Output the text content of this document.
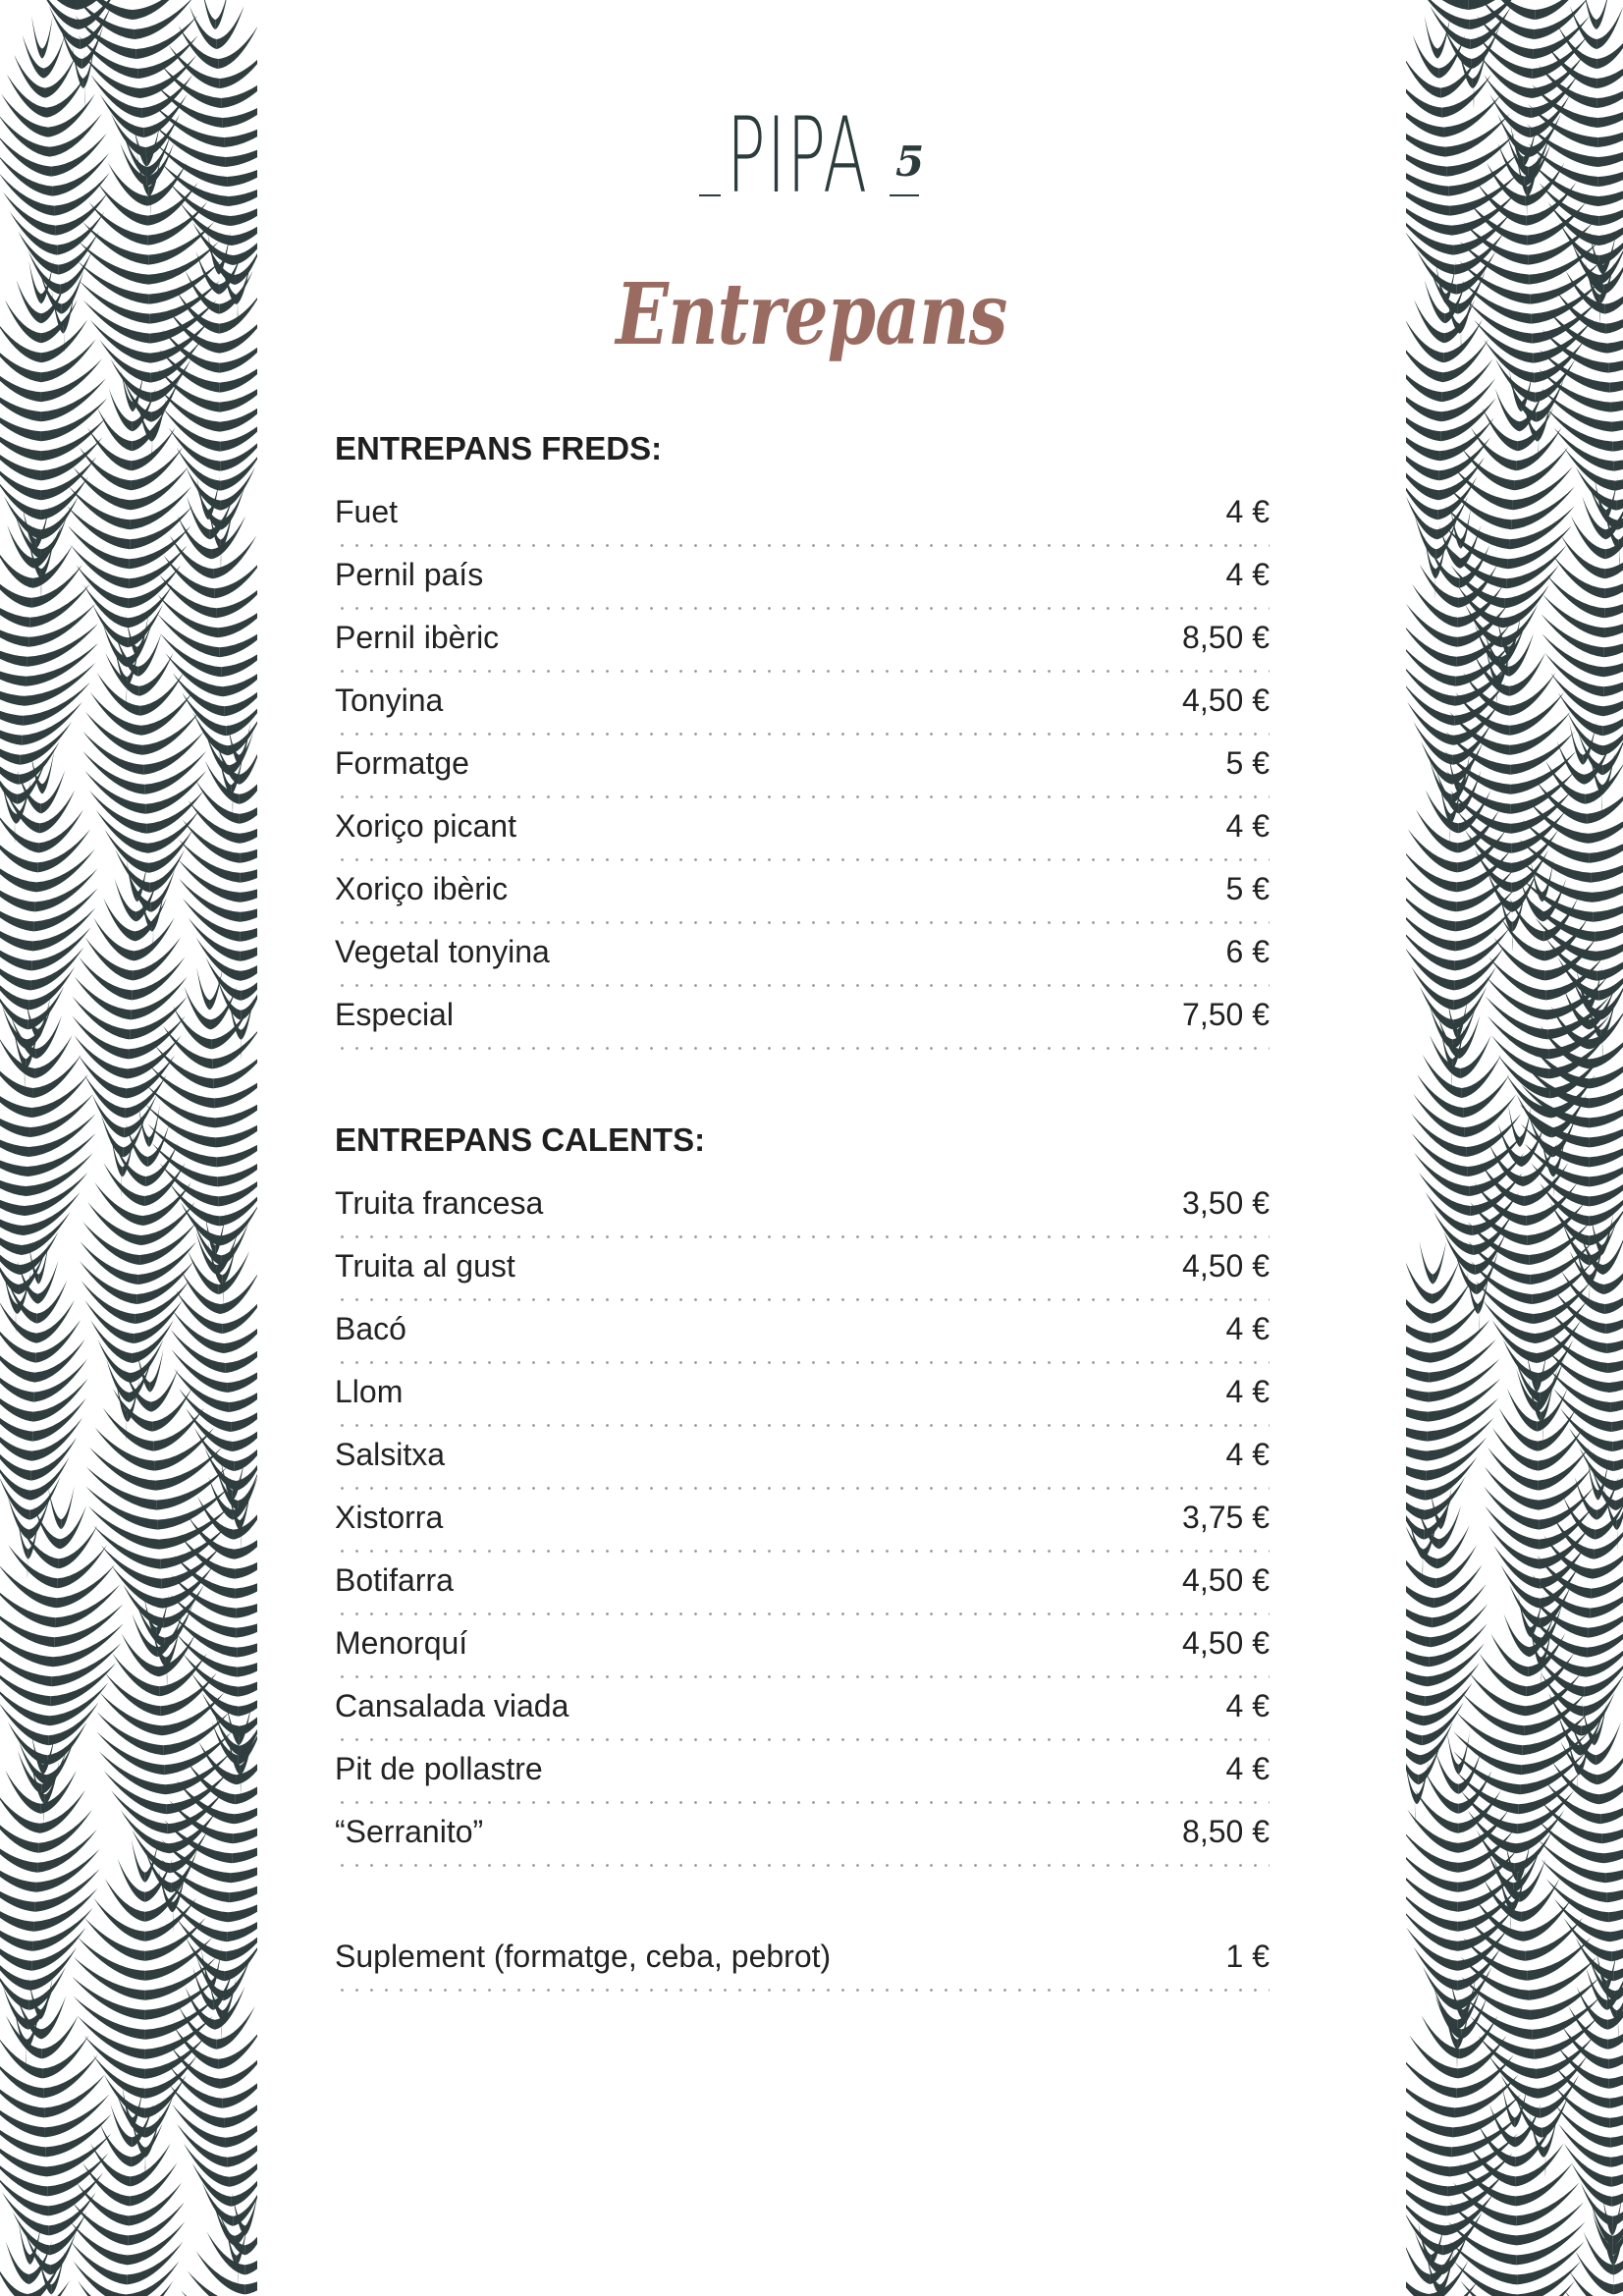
PIPA 5
Entrepans
ENTREPANS FREDS:
Fuet	4 €
Pernil país	4 €
Pernil ibèric	8,50 €
Tonyina	4,50 €
Formatge	5 €
Xoriço picant	4 €
Xoriço ibèric	5 €
Vegetal tonyina	6 €
Especial	7,50 €
ENTREPANS CALENTS:
Truita francesa	3,50 €
Truita al gust	4,50 €
Bacó	4 €
Llom	4 €
Salsitxa	4 €
Xistorra	3,75 €
Botifarra	4,50 €
Menorquí	4,50 €
Cansalada viada	4 €
Pit de pollastre	4 €
“Serranito”	8,50 €
Suplement (formatge, ceba, pebrot)	1 €
